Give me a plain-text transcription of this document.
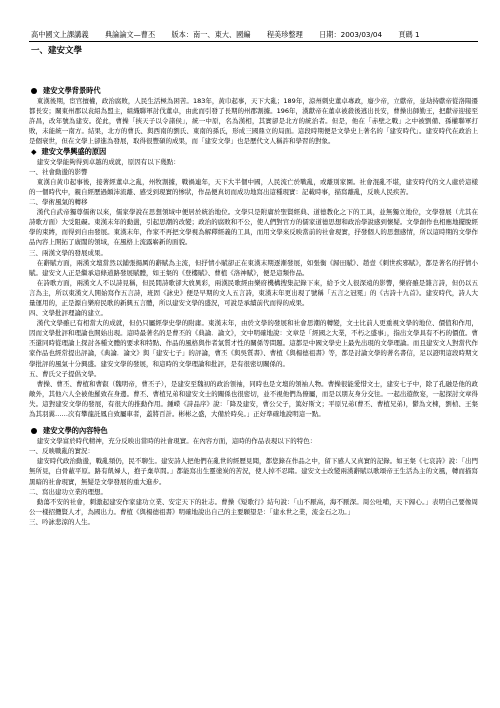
高中國文上課講義 典論論文—曹丕 版本：南一、東大、國編 程美珍整理 日期：2003/03/04 頁碼 1
一、建安文學

建安文學背景時代

東漢後期，宦官擅權，政治腐敗，人民生活極為困苦。183年，黃巾起事，天下大亂；189年，涼州刺史董卓專政，廢少帝，立獻帝，並劫持獻帝從洛陽遷都長安；關東州郡以袁紹為盟主，組織聯軍討伐董卓，由此而引發了長期的州郡割據。196年，漢獻帝在董卓被殺後逃出長安，曹操出師勤王，把獻帝迎接至許昌，改年號為建安。從此，曹操「挾天子以令諸侯」，統一中原，名為漢相，其實卻是北方的統治者。但是，他在「赤壁之戰」之中被劉備、孫權聯軍打敗，未能統一南方。結果，北方的曹氏、與西南的劉氏、東南的孫氏，形成三國鼎立的局面。這段時期便是文學史上著名的「建安時代」。建安時代在政治上是個衰世，但在文學上卻進為發展，取得很豐碩的成果，而「建安文學」也是歷代文人稱許和學習的對象。

◆ 建安文學興盛的原因

建安文學能夠得到卓越的成就，原因有以下幾點：

一、社會動盪的影響

東漢自黃巾起事後，接著經董卓之亂，州牧割據，戰禍連年，天下大半個中國，人民流亡於戰亂，或離別家園。社會混亂不堪，建安時代的文人處於這樣的一個時代中，親自經歷過顛沛流離、感受到現實的惨狀，作品便真切而成功地寫出這種現實：記載時事，描寫離亂，反映人民疾苦。

二、學術風氣的轉移

漢代自武帝獨尊儒術以來，儒家學說在思想領域中便居於統治地位。文學只是附庸於聖賢經典、道德教化之下的工具，並無獨立地位，文學發展（尤其在詩歌方面）大受阻礙。東漢末年的動盪，引起思潮的改變；政治的腐敗和不公，使人們對官方的儒家道德思想和政治學說感到懷疑。文學創作也相應地擺脫經學的束縛，而得到自由發展。東漢末年，作家不再把文學視為解釋經義的工具，而用文學來反映當前的社會現實，抒發個人的思想感情，所以這時期的文學作品內容上開拓了廣闊的領域，在風格上流露嶄新的面貌。

三、兩漢文學的發展成果。

在辭賦方面，兩漢文壇當然以鋪張揚厲的辭賦為主流，但抒情小賦卻正在東漢末期逐漸發展，如張衡《歸田賦》、趙壹《刺世疾邪賦》，都是著名的抒情小賦。建安文人正是繼承這條道路發展賦體，如王粲的《登樓賦》、曹植《洛神賦》，便是這類作品。

在詩歌方面，兩漢文人不以詩見稱，但民間詩歌卻大放異彩，兩漢民歌經由樂府機構搜集記錄下來，給予文人很深遠的影響，樂府雖是雜言詩，但仍以五言為主，所以東漢文人開始寫作五言詩，班固《詠史》便是早期的文人五言詩，東漢末年更出現了號稱「五言之冠冕」的《古詩十九首》。建安時代，詩人大量運用的，正是源自樂府民歌的新興五言體，所以建安文學的盛況，可說是承續前代而得的成果。

四、文學批評理論的建立。

漢代文學雖已有相當大的成就，但仍只屬經學史學的附庸。東漢末年，由於文學的發展和社會思潮的轉變，文士比前人更重視文學的地位、價值和作用，因而文學批評和理論也開始出現。這時最著名的是曹丕的《典論．論文》，文中明確地說：文章是「經國之大業，不朽之盛事」，指出文學具有不朽的價值。曹丕還同時從理論上探討各種文體的要求和特點、作品的風格與作者氣質才性的關係等問題。這都是中國文學史上最先出現的文學理論。而且建安文人對當代作家作品也經常提出評論，《典論．論文》與「建安七子」的評論，曹丕《與吳質書》、曹植《與楊德祖書》等，都是討論文學的著名書信，足以證明這段時期文學批評的風氣十分興盛。建安文學的發展，和這時的文學理論和批評，是有很密切關係的。

五、曹氏父子提倡文學。

曹操、曹丕、曹植和曹叡（魏明帝，曹丕子），是建安至魏初的政治領袖，同時也是文壇的領袖人物。曹操很能愛惜文士，建安七子中，除了孔融是他的政敵外，其他六人全被他羅致在身邊。曹丕、曹植兄弟和建安文士的關係也很密切，並不視他們為僚屬，而是以朋友身分交往。一起出遊飲宴，一起探討文章得失。這對建安文學的發展，有很大的推動作用。鍾嶸《詩品序》說：「降及建安，曹公父子，篤好斯文；平原兄弟(曹丕、曹植兄弟)，鬱為文棟，劉楨、王粲為其羽翼……次有攀龍託鳳自致屬車者，蓋將百計。彬彬之盛，大備於時矣。」正好準確地說明這一點。

建安文學的內容特色

建安文學富於時代精神，充分反映出當時的社會現實。在內容方面，這時的作品表現以下的特色：

一、反映戰亂的實況：

建安時代政治動盪，戰亂頻仍，民不聊生。建安詩人把他們在亂世的經歷見聞，都您錄在作品之中，留下感人又真實的記錄。如王粲《七哀詩》說：「出門無所見，白骨蔽平原。路有飢婦人，抱子棄草間。」都能寫出生靈塗炭的苦況，使人掉不忍睹。建安文士改變兩漢辭賦以歌頌帝王生活為主的文風，轉而描寫黑暗的社會現實，無疑是文學發展的重大進步。

二、寫出建功立業的理想。

動蕩不安的社會，刺激起建安作家建功立業、安定天下的壯志。曹操《短歌行》結句說：「山不厭高，海不厭深。周公吐哺，天下歸心。」表明自己要像周公一樣招攬賢人才，為國出力。曹植《與楊德祖書》明確地說出自己的主要願望是：「建永世之業，流金石之功。」

三、吟詠悲涼的人生。
